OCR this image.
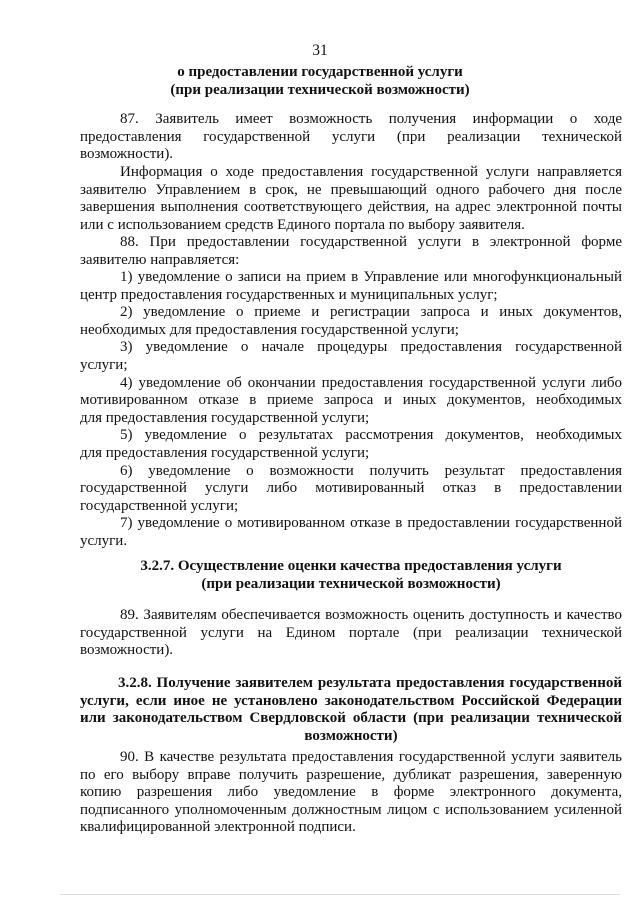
31
о предоставлении государственной услуги
(при реализации технической возможности)
87. Заявитель имеет возможность получения информации о ходе
предоставления государственной услуги (при реализации технической
возможности).
Информация о ходе предоставления государственной услуги направляется
заявителю Управлением в срок, не превышающий одного рабочего дня после
завершения выполнения соответствующего действия, на адрес электронной почты
или с использованием средств Единого портала по выбору заявителя.
88. При предоставлении государственной услуги в электронной форме
заявителю направляется:
1) уведомление о записи на прием в Управление или многофункциональный
центр предоставления государственных и муниципальных услуг;
2) уведомление о приеме и регистрации запроса и иных документов,
необходимых для предоставления государственной услуги;
3) уведомление о начале процедуры предоставления государственной
услуги;
4) уведомление об окончании предоставления государственной услуги либо
мотивированном отказе в приеме запроса и иных документов, необходимых
для предоставления государственной услуги;
5) уведомление о результатах рассмотрения документов, необходимых
для предоставления государственной услуги;
6) уведомление о возможности получить результат предоставления
государственной услуги либо мотивированный отказ в предоставлении
государственной услуги;
7) уведомление о мотивированном отказе в предоставлении государственной
услуги.
3.2.7. Осуществление оценки качества предоставления услуги
(при реализации технической возможности)
89. Заявителям обеспечивается возможность оценить доступность и качество
государственной услуги на Едином портале (при реализации технической
возможности).
3.2.8. Получение заявителем результата предоставления государственной
услуги, если иное не установлено законодательством Российской Федерации
или законодательством Свердловской области (при реализации технической
возможности)
90. В качестве результата предоставления государственной услуги заявитель
по его выбору вправе получить разрешение, дубликат разрешения, заверенную
копию разрешения либо уведомление в форме электронного документа,
подписанного уполномоченным должностным лицом с использованием усиленной
квалифицированной электронной подписи.
